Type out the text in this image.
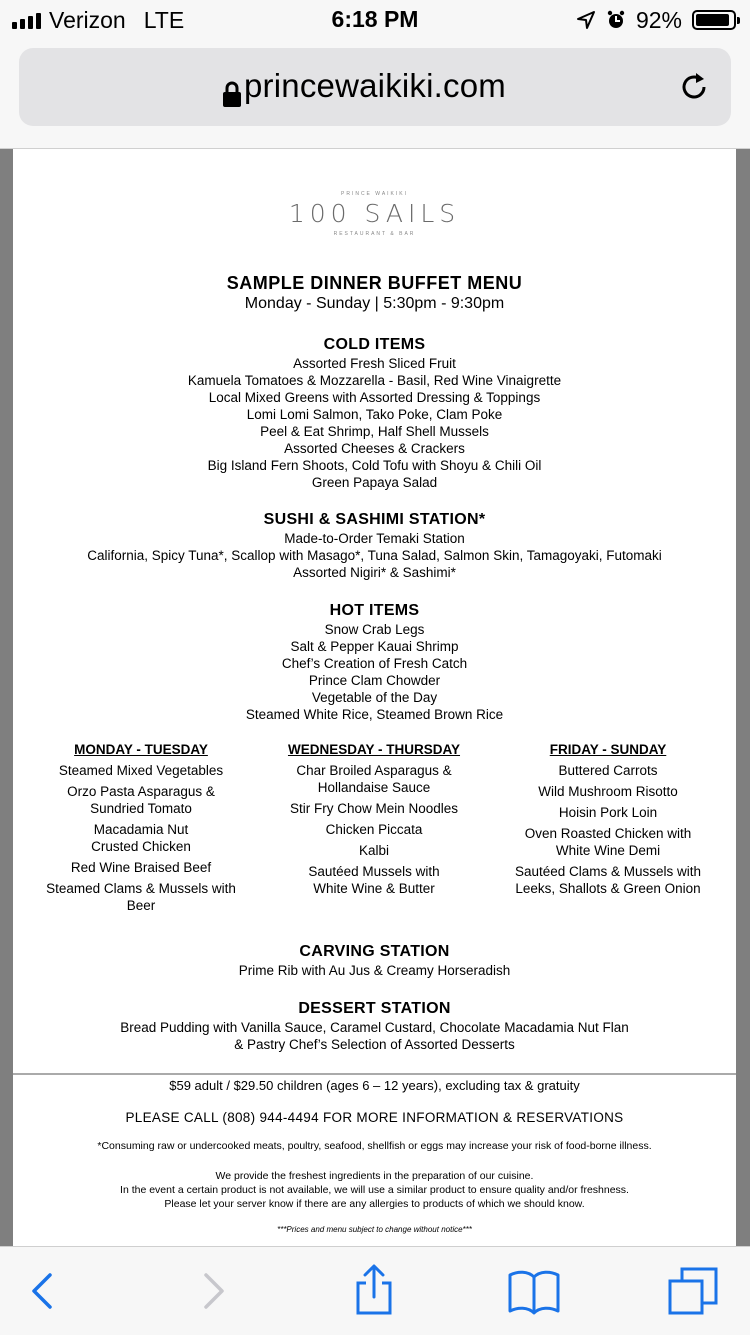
Verizon LTE	6:18 PM	92%
princewaikiki.com
PRINCE WAIKIKI
100 SAILS
RESTAURANT & BAR
SAMPLE DINNER BUFFET MENU
Monday - Sunday | 5:30pm - 9:30pm
COLD ITEMS
Assorted Fresh Sliced Fruit
Kamuela Tomatoes & Mozzarella - Basil, Red Wine Vinaigrette
Local Mixed Greens with Assorted Dressing & Toppings
Lomi Lomi Salmon, Tako Poke, Clam Poke
Peel & Eat Shrimp, Half Shell Mussels
Assorted Cheeses & Crackers
Big Island Fern Shoots, Cold Tofu with Shoyu & Chili Oil
Green Papaya Salad
SUSHI & SASHIMI STATION*
Made-to-Order Temaki Station
California, Spicy Tuna*, Scallop with Masago*, Tuna Salad, Salmon Skin, Tamagoyaki, Futomaki
Assorted Nigiri* & Sashimi*
HOT ITEMS
Snow Crab Legs
Salt & Pepper Kauai Shrimp
Chef’s Creation of Fresh Catch
Prince Clam Chowder
Vegetable of the Day
Steamed White Rice, Steamed Brown Rice
MONDAY - TUESDAY
Steamed Mixed Vegetables
Orzo Pasta Asparagus & Sundried Tomato
Macadamia Nut Crusted Chicken
Red Wine Braised Beef
Steamed Clams & Mussels with Beer
WEDNESDAY - THURSDAY
Char Broiled Asparagus & Hollandaise Sauce
Stir Fry Chow Mein Noodles
Chicken Piccata
Kalbi
Sautéed Mussels with White Wine & Butter
FRIDAY - SUNDAY
Buttered Carrots
Wild Mushroom Risotto
Hoisin Pork Loin
Oven Roasted Chicken with White Wine Demi
Sautéed Clams & Mussels with Leeks, Shallots & Green Onion
CARVING STATION
Prime Rib with Au Jus & Creamy Horseradish
DESSERT STATION
Bread Pudding with Vanilla Sauce, Caramel Custard, Chocolate Macadamia Nut Flan
& Pastry Chef’s Selection of Assorted Desserts
$59 adult / $29.50 children (ages 6 – 12 years), excluding tax & gratuity
PLEASE CALL (808) 944-4494 FOR MORE INFORMATION & RESERVATIONS
*Consuming raw or undercooked meats, poultry, seafood, shellfish or eggs may increase your risk of food-borne illness.
We provide the freshest ingredients in the preparation of our cuisine.
In the event a certain product is not available, we will use a similar product to ensure quality and/or freshness.
Please let your server know if there are any allergies to products of which we should know.
***Prices and menu subject to change without notice***
